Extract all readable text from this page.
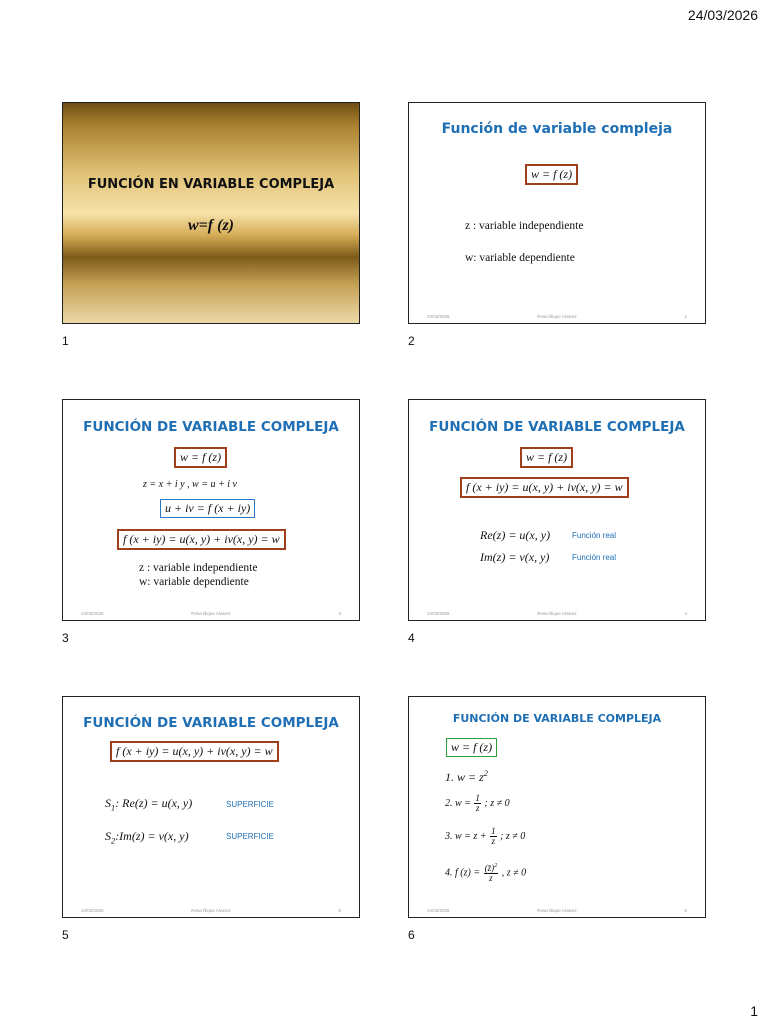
24/03/2026
1
FUNCIÓN EN VARIABLE COMPLEJA
w=f (z)
1
Función de variable compleja
w = f (z)
z : variable independiente
w: variable dependiente
24/03/2026	Rosa Ñique Alvarez	2
2
FUNCIÓN DE VARIABLE COMPLEJA
w = f (z)
z = x + i y , w = u + i v
u + iv = f (x + iy)
f (x + iy) = u(x, y) + iv(x, y) = w
z : variable independiente
w: variable dependiente
24/03/2026	Rosa Ñique Alvarez	3
3
FUNCIÓN DE VARIABLE COMPLEJA
w = f (z)
f (x + iy) = u(x, y) + iv(x, y) = w
Re(z) = u(x, y)	Función real
Im(z) = v(x, y)	Función real
24/03/2026	Rosa Ñique Alvarez	4
4
FUNCIÓN DE VARIABLE COMPLEJA
f (x + iy) = u(x, y) + iv(x, y) = w
$S_1$: Re(z) = u(x, y)	SUPERFICIE
$S_2:Im(z) = v(x$, y)	SUPERFICIE
24/03/2026	Rosa Ñique Alvarez	5
5
FUNCIÓN DE VARIABLE COMPLEJA
w = f (z)
1. $w = z^2$
2. $w = \frac{1}{z}$ ; z ≠ 0
3. $w = z + \frac{1}{z}$ ; z ≠ 0
4. f $(z) = \frac{(z̄)^2}{z}$ , z ≠ 0
24/03/2026	Rosa Ñique Alvarez	6
6
